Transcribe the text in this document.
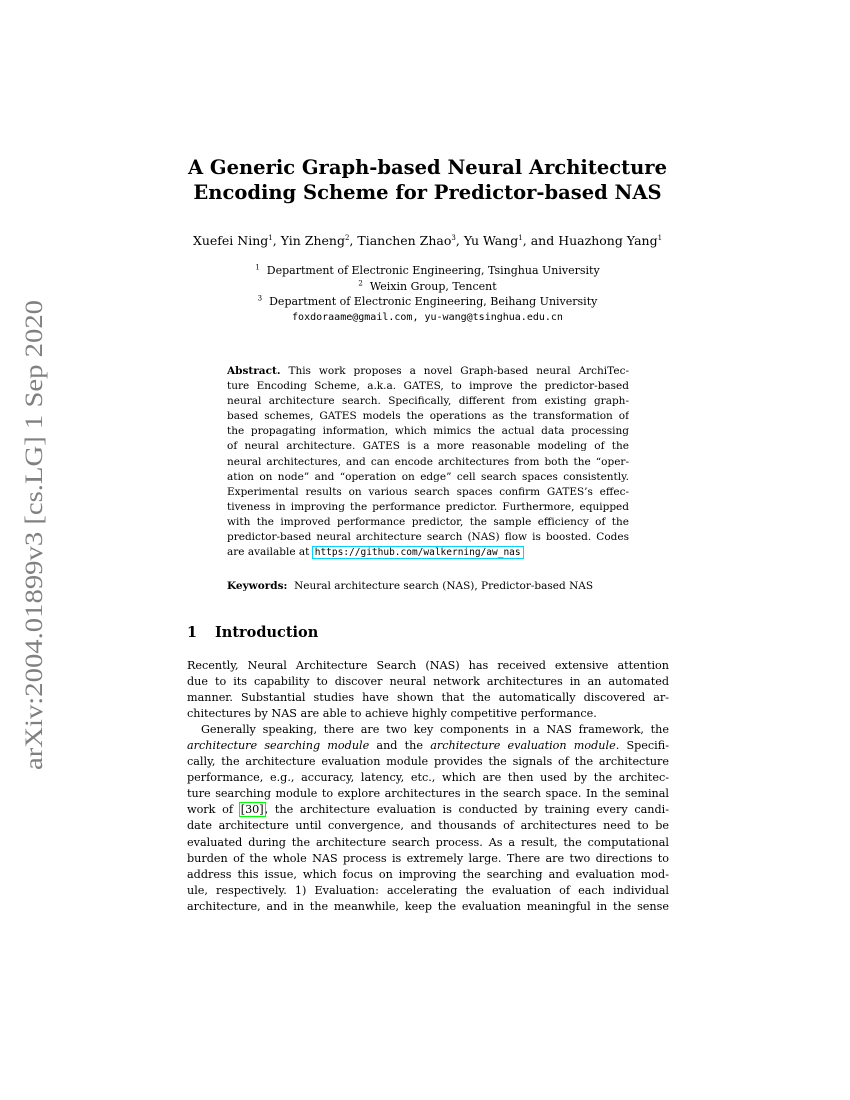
arXiv:2004.01899v3 [cs.LG] 1 Sep 2020
A Generic Graph-based Neural Architecture
Encoding Scheme for Predictor-based NAS
Xuefei Ning$^1$, Yin Zheng$^2$, Tianchen Zhao$^3$, Yu Wang$^1$, and Huazhong Yang$^1$
$^1$ Department of Electronic Engineering, Tsinghua University
$^2$ Weixin Group, Tencent
$^3$ Department of Electronic Engineering, Beihang University
foxdoraame@gmail.com, yu-wang@tsinghua.edu.cn
Abstract. This work proposes a novel Graph-based neural ArchiTec-
ture Encoding Scheme, a.k.a. GATES, to improve the predictor-based
neural architecture search. Specifically, different from existing graph-
based schemes, GATES models the operations as the transformation of
the propagating information, which mimics the actual data processing
of neural architecture. GATES is a more reasonable modeling of the
neural architectures, and can encode architectures from both the “oper-
ation on node” and “operation on edge” cell search spaces consistently.
Experimental results on various search spaces confirm GATES’s effec-
tiveness in improving the performance predictor. Furthermore, equipped
with the improved performance predictor, the sample efficiency of the
predictor-based neural architecture search (NAS) flow is boosted. Codes
are available at https://github.com/walkerning/aw_nas
Keywords: Neural architecture search (NAS), Predictor-based NAS
1 Introduction
Recently, Neural Architecture Search (NAS) has received extensive attention
due to its capability to discover neural network architectures in an automated
manner. Substantial studies have shown that the automatically discovered ar-
chitectures by NAS are able to achieve highly competitive performance.
Generally speaking, there are two key components in a NAS framework, the
architecture searching module and the architecture evaluation module. Specifi-
cally, the architecture evaluation module provides the signals of the architecture
performance, e.g., accuracy, latency, etc., which are then used by the architec-
ture searching module to explore architectures in the search space. In the seminal
work of [30], the architecture evaluation is conducted by training every candi-
date architecture until convergence, and thousands of architectures need to be
evaluated during the architecture search process. As a result, the computational
burden of the whole NAS process is extremely large. There are two directions to
address this issue, which focus on improving the searching and evaluation mod-
ule, respectively. 1) Evaluation: accelerating the evaluation of each individual
architecture, and in the meanwhile, keep the evaluation meaningful in the sense
